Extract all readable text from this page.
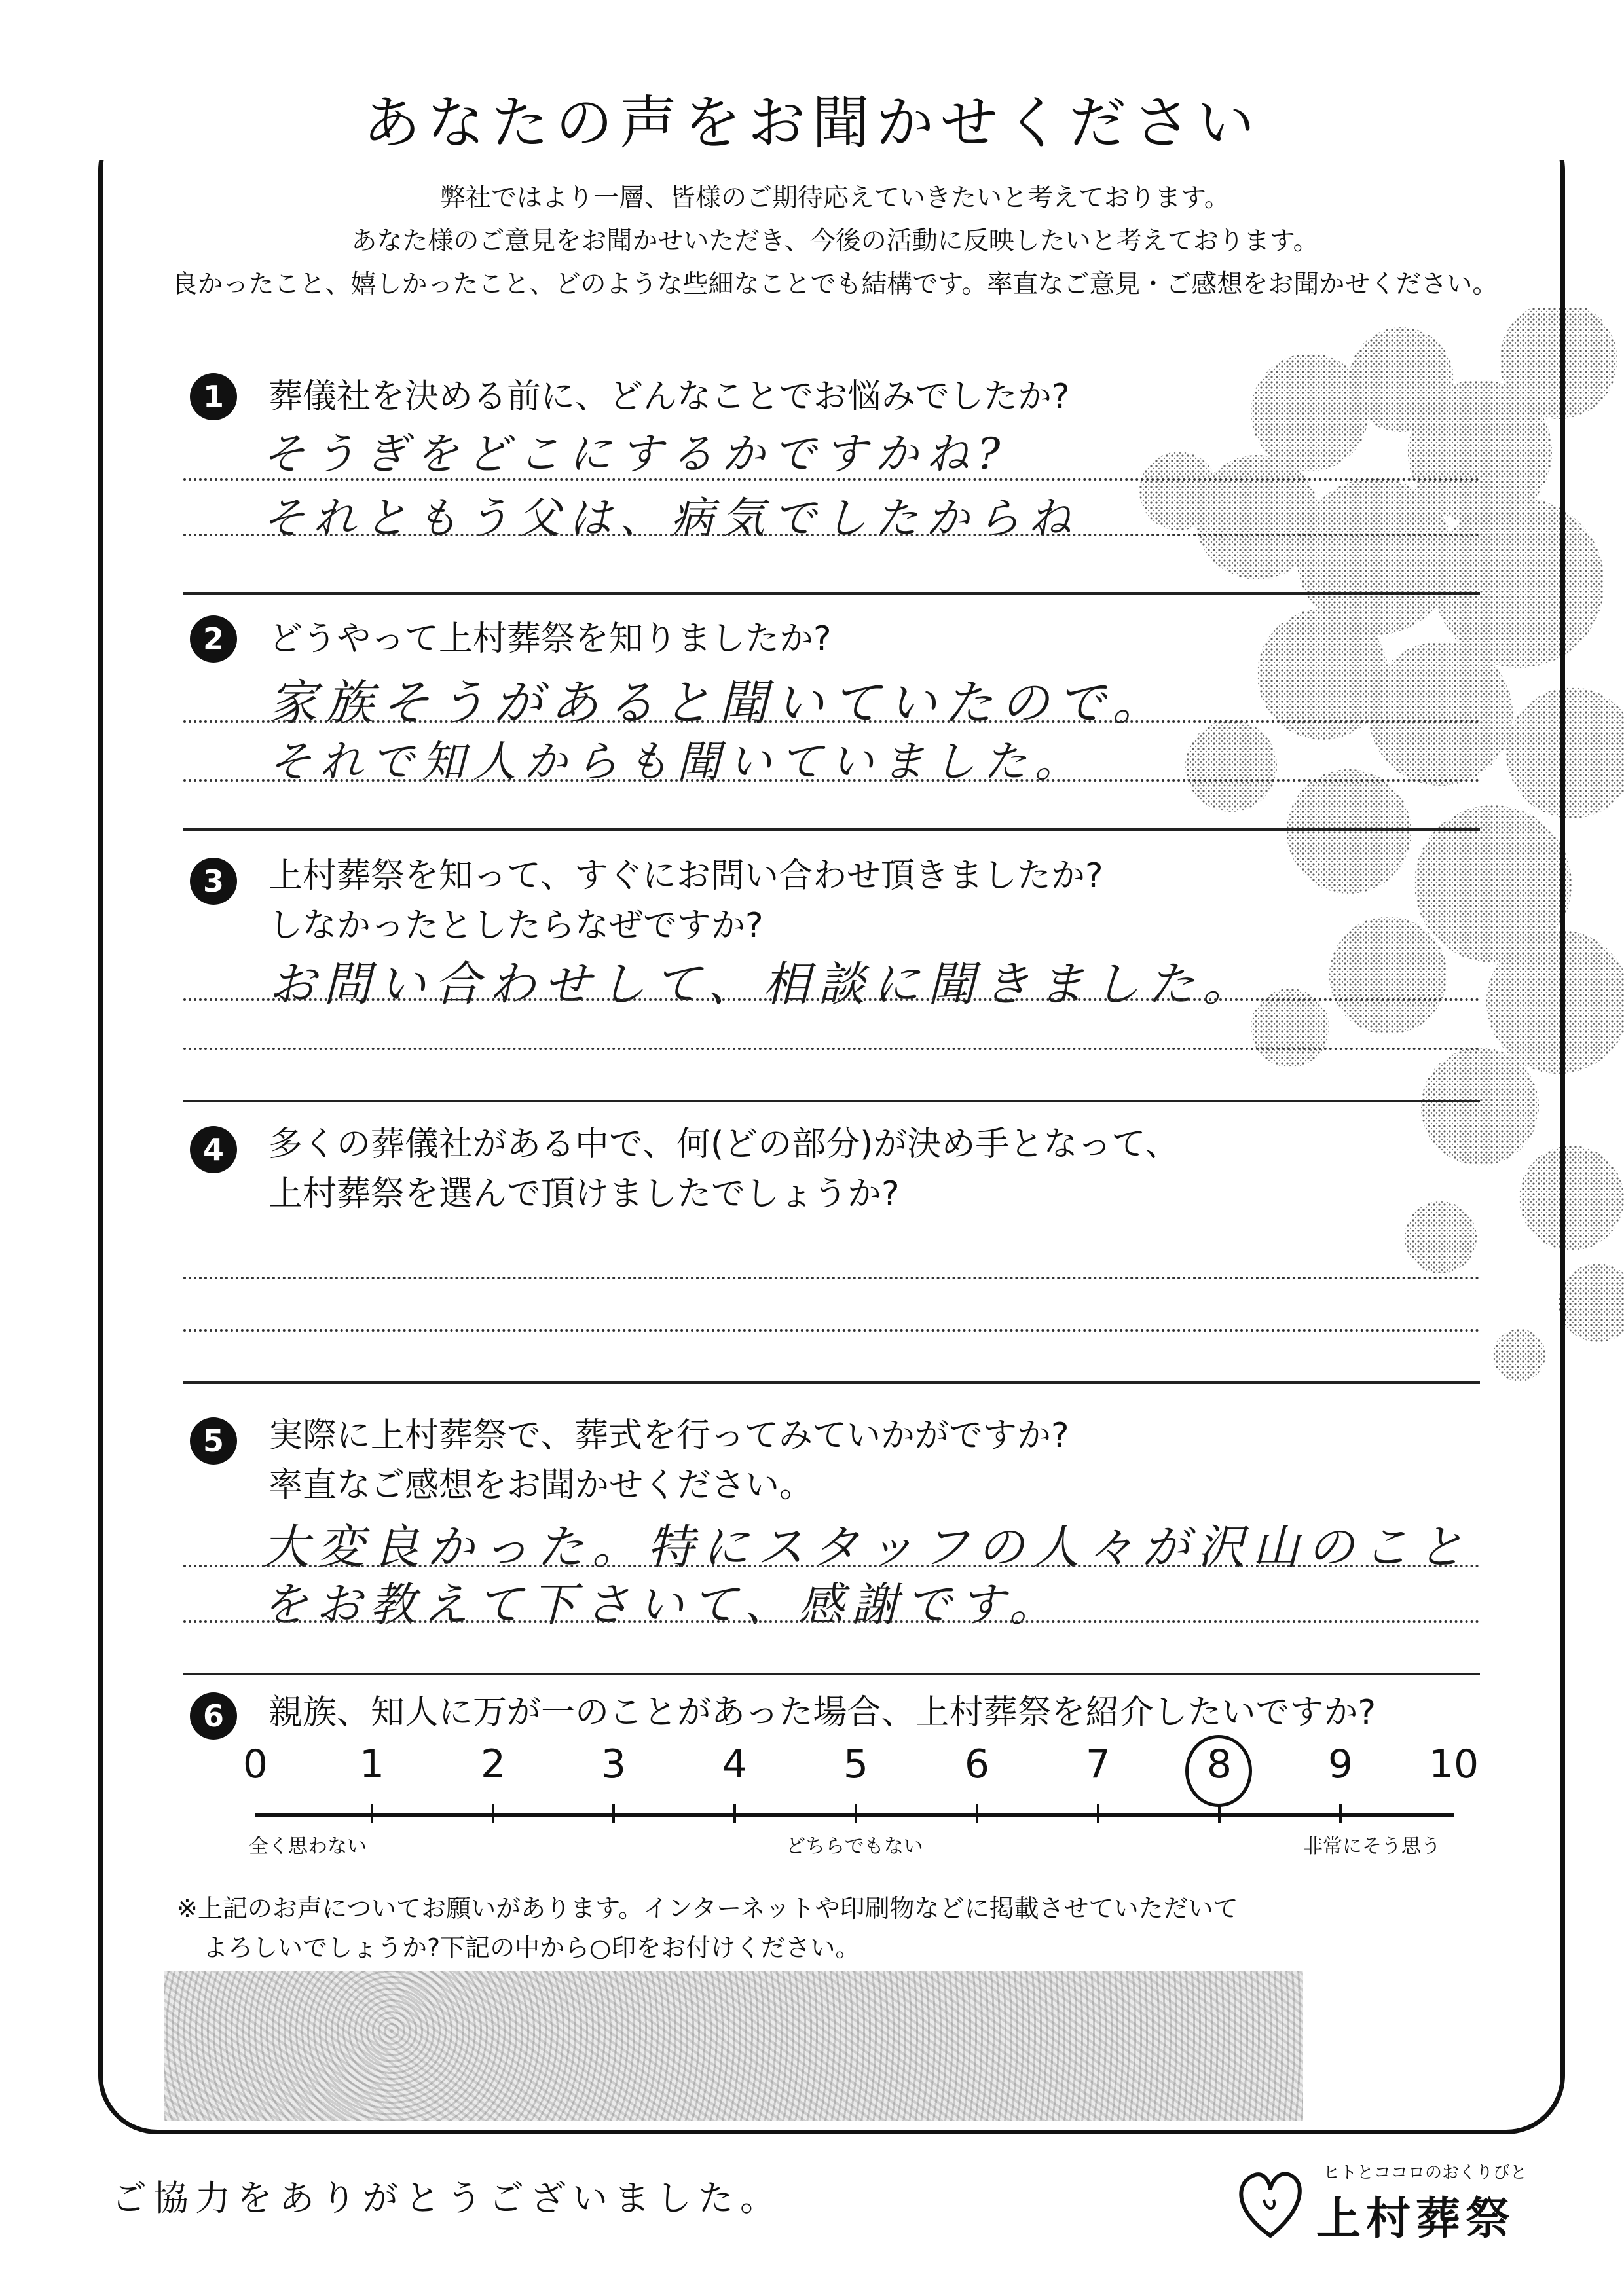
あなたの声をお聞かせください
弊社ではより一層、皆様のご期待応えていきたいと考えております。
あなた様のご意見をお聞かせいただき、今後の活動に反映したいと考えております。
良かったこと、嬉しかったこと、どのような些細なことでも結構です。率直なご意見・ご感想をお聞かせください。
1	葬儀社を決める前に、どんなことでお悩みでしたか?
そうぎをどこにするかですかね?
それともう父は、病気でしたからね
2	どうやって上村葬祭を知りましたか?
家族そうがあると聞いていたので。
それで知人からも聞いていました。
3	上村葬祭を知って、すぐにお問い合わせ頂きましたか?
しなかったとしたらなぜですか?
お問い合わせして、相談に聞きました。
4	多くの葬儀社がある中で、何(どの部分)が決め手となって、
上村葬祭を選んで頂けましたでしょうか?
5	実際に上村葬祭で、葬式を行ってみていかがですか?
率直なご感想をお聞かせください。
大変良かった。特にスタッフの人々が沢山のこと
をお教えて下さいて、感謝です。
6	親族、知人に万が一のことがあった場合、上村葬祭を紹介したいですか?
0	1	2	3	4	5	6	7	8	9	10
全く思わない	どちらでもない	非常にそう思う
※上記のお声についてお願いがあります。インターネットや印刷物などに掲載させていただいて
よろしいでしょうか?下記の中から○印をお付けください。
ご協力をありがとうございました。
ヒトとココロのおくりびと
上村葬祭
